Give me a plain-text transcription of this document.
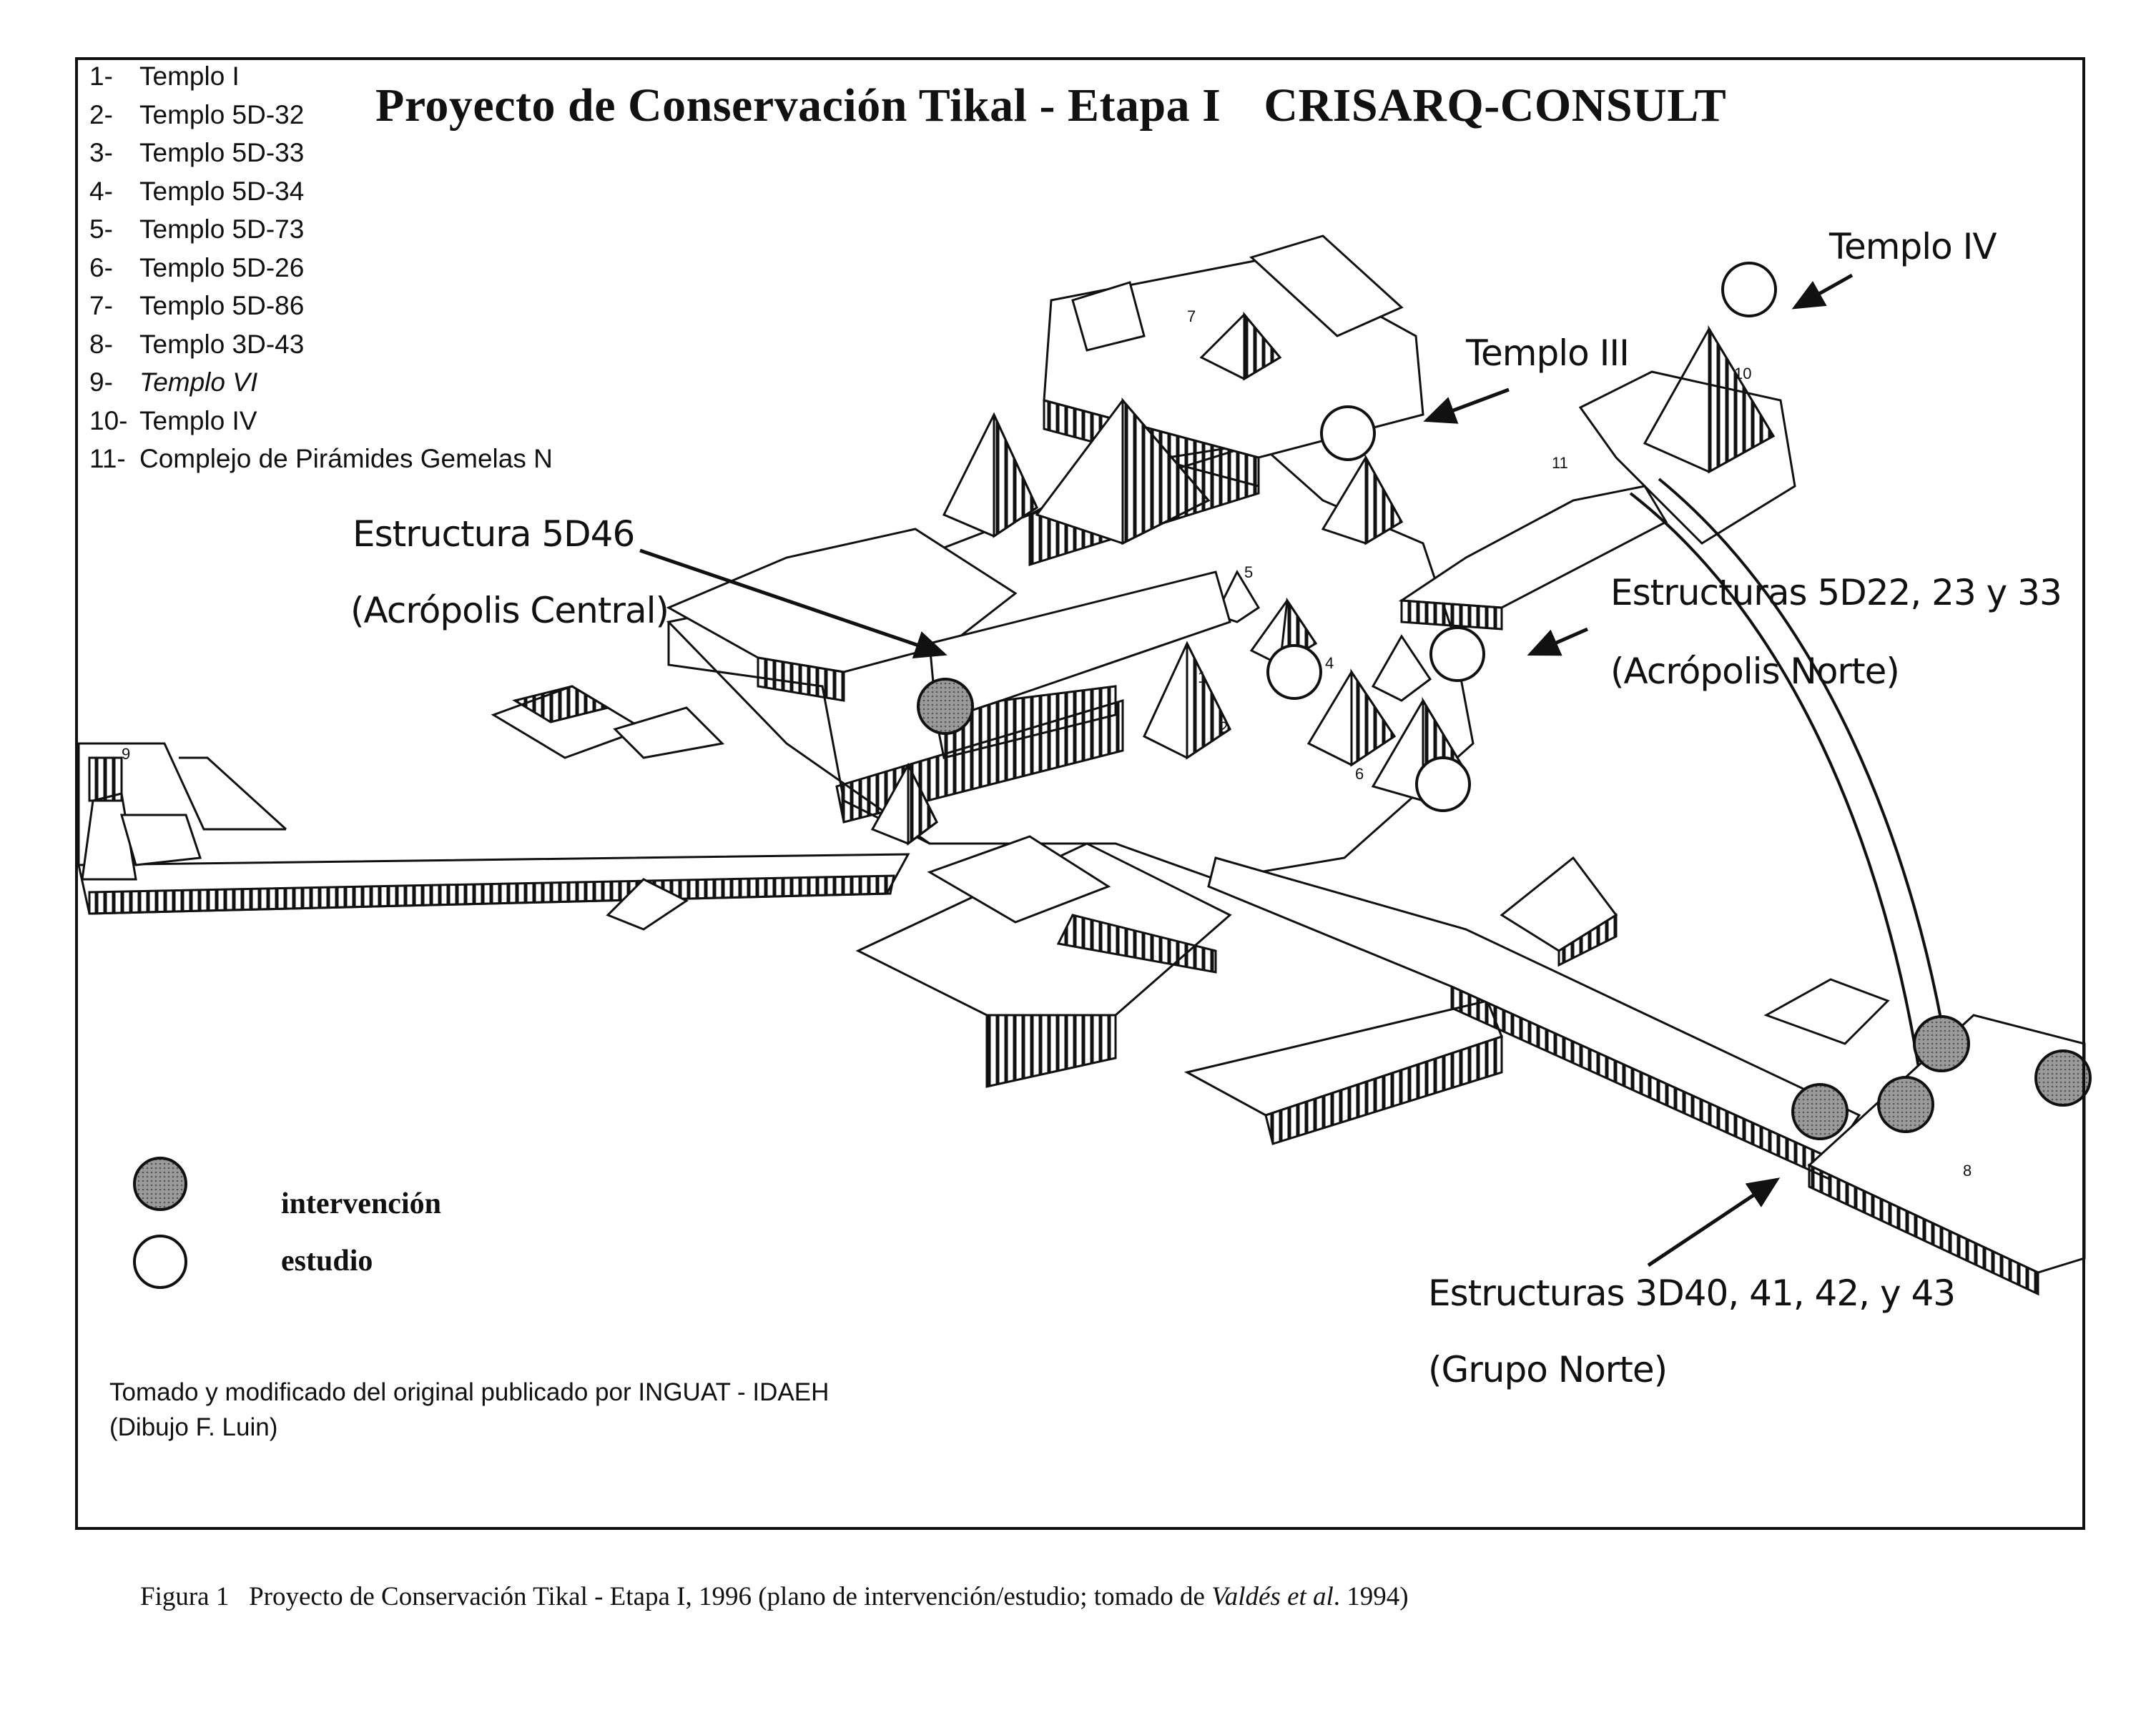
1
2
4
5
6
7
8
9
10
11
1-	Templo I
2-	Templo 5D-32
3-	Templo 5D-33
4-	Templo 5D-34
5-	Templo 5D-73
6-	Templo 5D-26
7-	Templo 5D-86
8-	Templo 3D-43
9-	Templo VI
10- Templo IV
11- Complejo de Pirámides Gemelas N
Proyecto de Conservación Tikal - Etapa I CRISARQ-CONSULT
Templo IV
Templo III
Estructura 5D46
(Acrópolis Central)	Estructuras 5D22, 23 y 33
(Acrópolis Norte)
Estructuras 3D40, 41, 42, y 43
(Grupo Norte)
intervención
estudio
Tomado y modificado del original publicado por INGUAT - IDAEH
(Dibujo F. Luin)
Figura 1 Proyecto de Conservación Tikal - Etapa I, 1996 (plano de intervención/estudio; tomado de Valdés et al. 1994)
